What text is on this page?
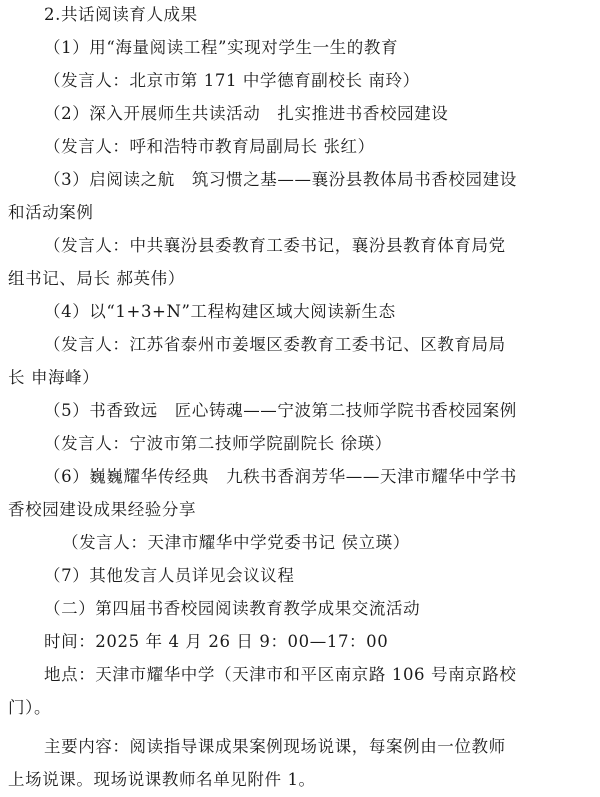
2.共话阅读育人成果
（1）用“海量阅读工程”实现对学生一生的教育
（发言人：北京市第 171 中学德育副校长 南玲）
（2）深入开展师生共读活动　扎实推进书香校园建设
（发言人：呼和浩特市教育局副局长 张红）
（3）启阅读之航　筑习惯之基——襄汾县教体局书香校园建设
和活动案例
（发言人：中共襄汾县委教育工委书记，襄汾县教育体育局党
组书记、局长 郝英伟）
（4）以“1+3+N”工程构建区域大阅读新生态
（发言人：江苏省泰州市姜堰区委教育工委书记、区教育局局
长 申海峰）
（5）书香致远　匠心铸魂——宁波第二技师学院书香校园案例
（发言人：宁波市第二技师学院副院长 徐瑛）
（6）巍巍耀华传经典　九秩书香润芳华——天津市耀华中学书
香校园建设成果经验分享
（发言人：天津市耀华中学党委书记 侯立瑛）
（7）其他发言人员详见会议议程
（二）第四届书香校园阅读教育教学成果交流活动
时间：2025 年 4 月 26 日 9：00—17：00
地点：天津市耀华中学（天津市和平区南京路 106 号南京路校
门）。
主要内容：阅读指导课成果案例现场说课，每案例由一位教师
上场说课。现场说课教师名单见附件 1。
